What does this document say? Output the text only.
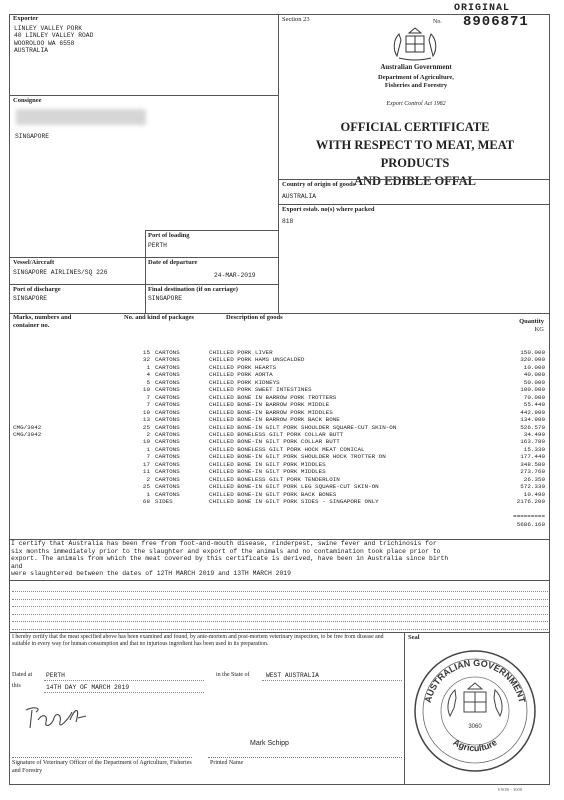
ORIGINAL
No. 8906871
Exporter
LINLEY VALLEY PORK
40 LINLEY VALLEY ROAD
WOOROLOO WA 6558
AUSTRALIA
Section 23
Australian Government
Department of Agriculture,
Fisheries and Forestry
Export Control Act 1982
OFFICIAL CERTIFICATE
WITH RESPECT TO MEAT, MEAT PRODUCTS
AND EDIBLE OFFAL
Consignee
SINGAPORE
Country of origin of goods
AUSTRALIA
Export estab. no(s) where packed
818
Port of loading
PERTH
Vessel/Aircraft
SINGAPORE AIRLINES/SQ 226
Date of departure
24-MAR-2019
Port of discharge
SINGAPORE
Final destination (if on carriage)
SINGAPORE
Marks, numbers and container no.
No. and kind of packages	Description of goods
Quantity
KG
15 CARTONS	CHILLED PORK LIVER	150.000
32 CARTONS	CHILLED PORK HAMS UNSCALDED	320.000
1 CARTONS	CHILLED PORK HEARTS	10.000
4 CARTONS	CHILLED PORK AORTA	40.000
5 CARTONS	CHILLED PORK KIDNEYS	50.000
10 CARTONS	CHILLED PORK SWEET INTESTINES	100.000
7 CARTONS	CHILLED BONE IN BARROW PORK TROTTERS	70.000
7 CARTONS	CHILLED BONE-IN BARROW PORK MIDDLE	55.440
19 CARTONS	CHILLED BONE-IN BARROW PORK MIDDLES	442.900
13 CARTONS	CHILLED BONE-IN BARROW PORK BACK BONE	134.900
CMG/3942	25 CARTONS	CHILLED BONE-IN GILT PORK SHOULDER SQUARE-CUT SKIN-ON	526.570
CMG/3942	2 CARTONS	CHILLED BONELESS GILT PORK COLLAR BUTT	34.490
10 CARTONS	CHILLED BONE-IN GILT PORK COLLAR BUTT	163.780
1 CARTONS	CHILLED BONELESS GILT PORK HOCK MEAT CONICAL	15.330
7 CARTONS	CHILLED BONE-IN GILT PORK SHOULDER HOCK TROTTER ON	177.440
17 CARTONS	CHILLED BONE IN GILT PORK MIDDLES	348.580
11 CARTONS	CHILLED BONE-IN GILT PORK MIDDLES	273.760
2 CARTONS	CHILLED BONELESS GILT PORK TENDERLOIN	26.350
25 CARTONS	CHILLED BONE-IN GILT PORK LEG SQUARE-CUT SKIN-ON	572.330
1 CARTONS	CHILLED BONE-IN GILT PORK BACK BONES	10.490
68 SIDES	CHILLED BONE IN GILT PORK SIDES - SINGAPORE ONLY	2176.200
=========
5686.160
I certify that Australia has been free from foot-and-mouth disease, rinderpest, swine fever and trichinosis for
six months immediately prior to the slaughter and export of the animals and no contamination took place prior to
export. The animals from which the meat covered by this certificate is derived, have been in Australia since birth
and
were slaughtered between the dates of 12TH MARCH 2019 and 13TH MARCH 2019
I hereby certify that the meat specified above has been examined and found, by ante-mortem and post-mortem veterinary inspection, to be free from disease and suitable in every way for human consumption and that no injurious ingredient has been used in its preparation.
Dated at PERTH	in the State of	WEST AUSTRALIA
this	14TH DAY OF MARCH 2019
Mark Schipp
Signature of Veterinary Officer of the Department of Agriculture, Fisheries and Forestry
Printed Name
Seal
AUSTRALIAN GOVERNMENT
Agriculture
3060
E9OR - 3008
